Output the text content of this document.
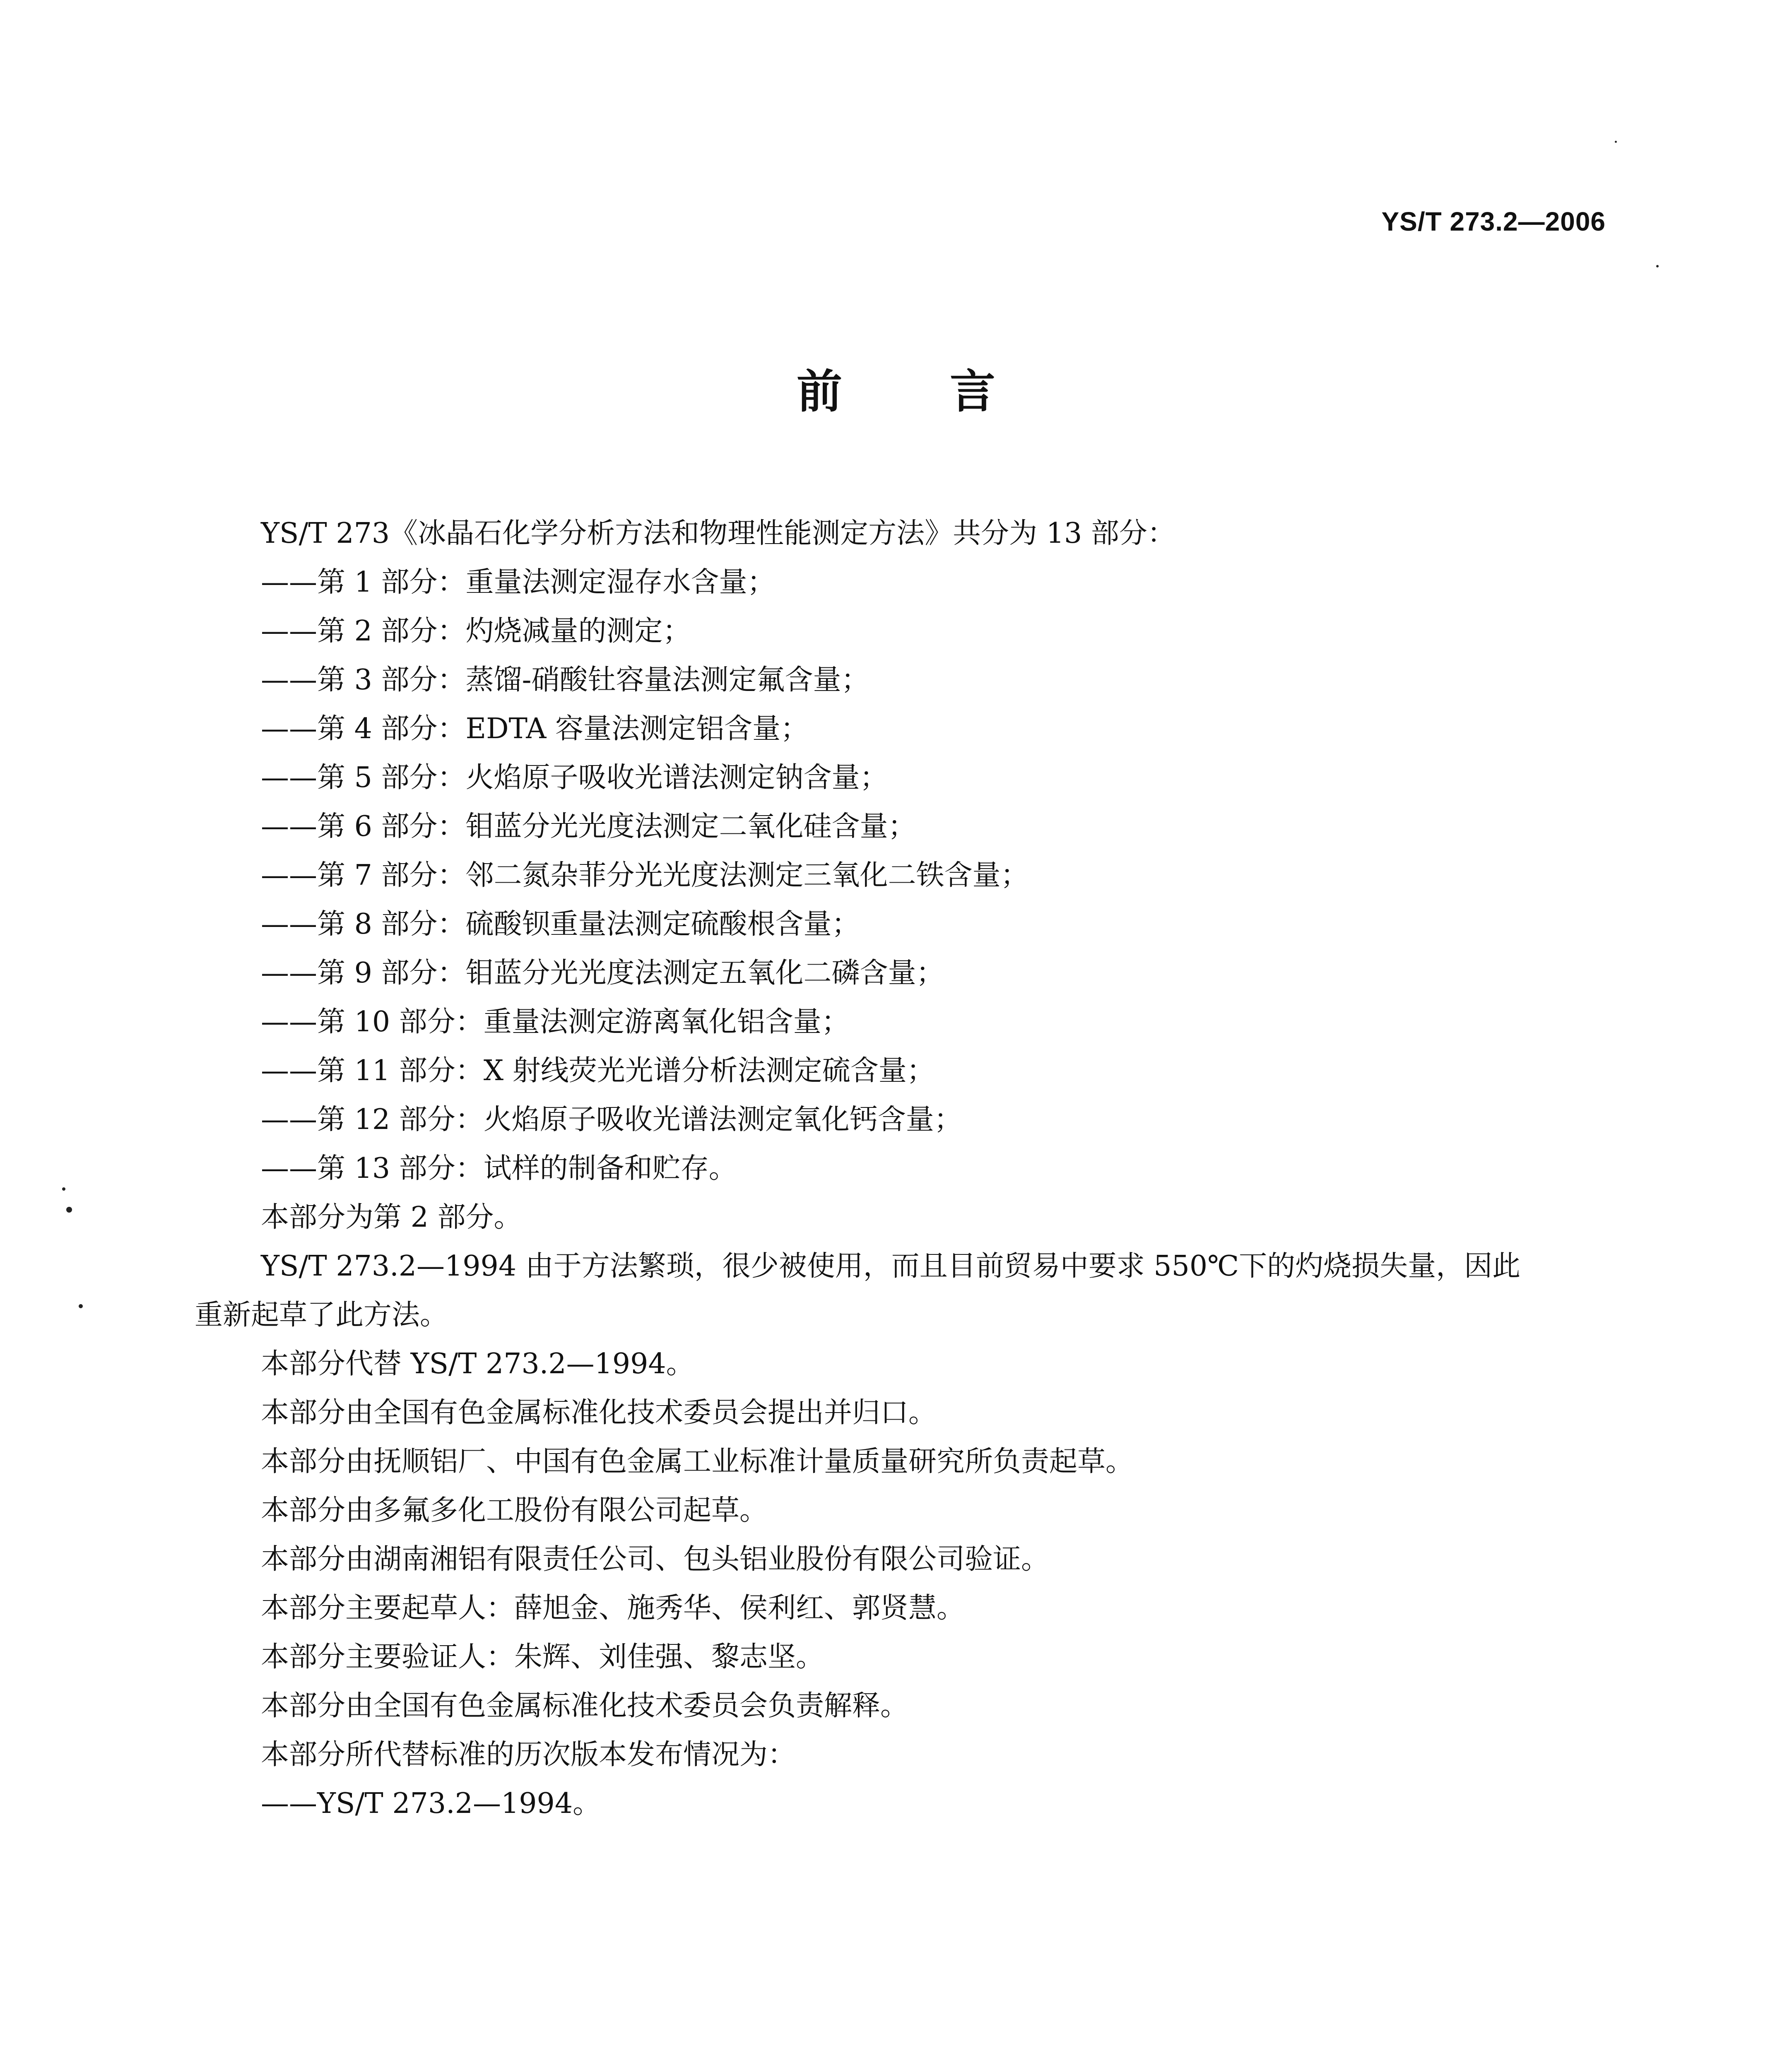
YS/T 273.2—2006
前言

YS/T 273《冰晶石化学分析方法和物理性能测定方法》共分为 13 部分：

——第 1 部分：重量法测定湿存水含量；

——第 2 部分：灼烧减量的测定；

——第 3 部分：蒸馏-硝酸钍容量法测定氟含量；

——第 4 部分：EDTA 容量法测定铝含量；

——第 5 部分：火焰原子吸收光谱法测定钠含量；

——第 6 部分：钼蓝分光光度法测定二氧化硅含量；

——第 7 部分：邻二氮杂菲分光光度法测定三氧化二铁含量；

——第 8 部分：硫酸钡重量法测定硫酸根含量；

——第 9 部分：钼蓝分光光度法测定五氧化二磷含量；

——第 10 部分：重量法测定游离氧化铝含量；

——第 11 部分：X 射线荧光光谱分析法测定硫含量；

——第 12 部分：火焰原子吸收光谱法测定氧化钙含量；

——第 13 部分：试样的制备和贮存。

本部分为第 2 部分。

YS/T 273.2—1994 由于方法繁琐，很少被使用，而且目前贸易中要求 550℃下的灼烧损失量，因此

重新起草了此方法。

本部分代替 YS/T 273.2—1994。

本部分由全国有色金属标准化技术委员会提出并归口。

本部分由抚顺铝厂、中国有色金属工业标准计量质量研究所负责起草。

本部分由多氟多化工股份有限公司起草。

本部分由湖南湘铝有限责任公司、包头铝业股份有限公司验证。

本部分主要起草人：薛旭金、施秀华、侯利红、郭贤慧。

本部分主要验证人：朱辉、刘佳强、黎志坚。

本部分由全国有色金属标准化技术委员会负责解释。

本部分所代替标准的历次版本发布情况为：

——YS/T 273.2—1994。
